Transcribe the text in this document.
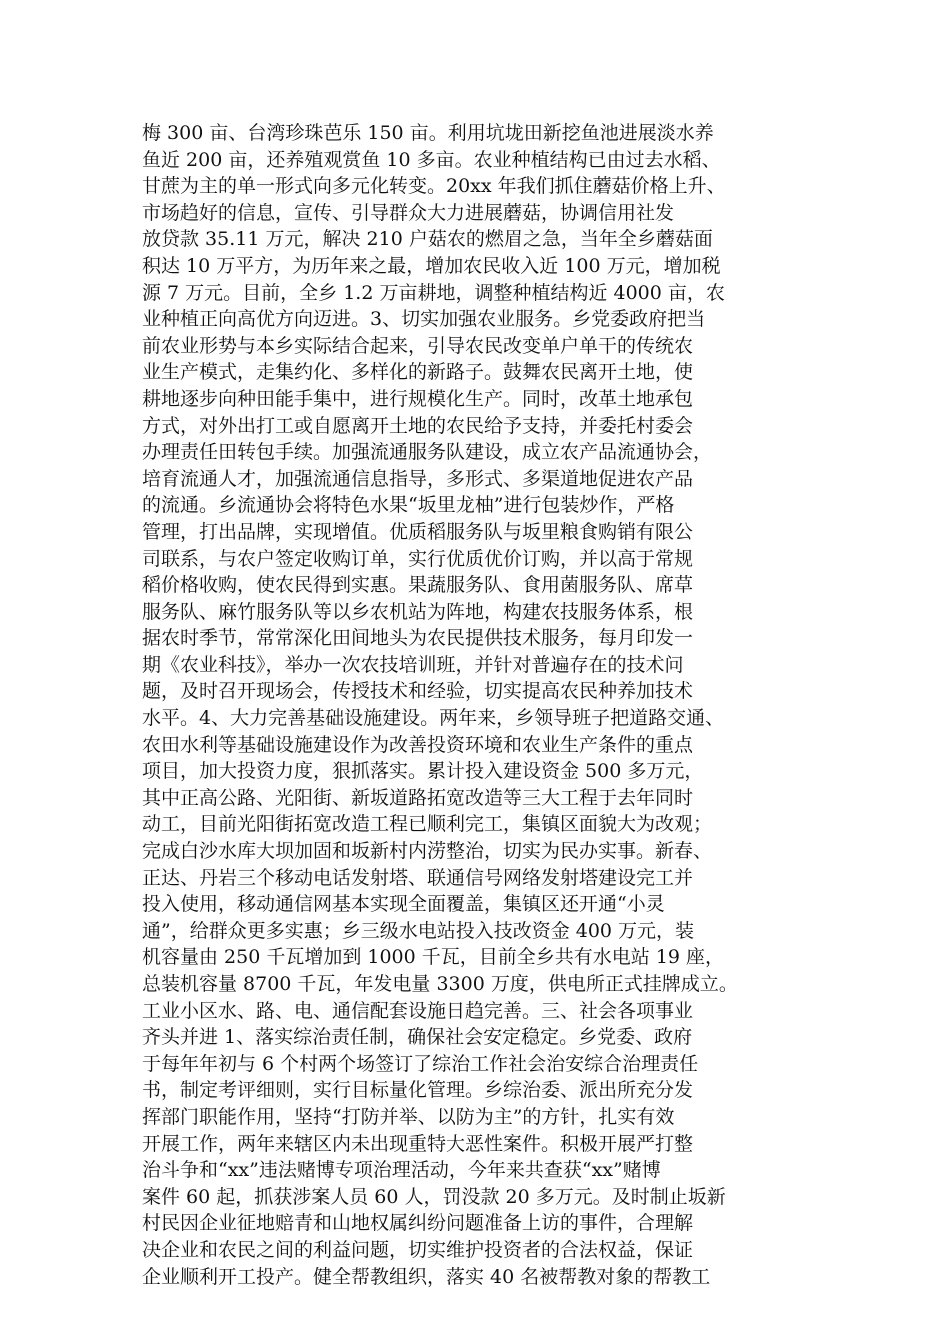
梅 300 亩、台湾珍珠芭乐 150 亩。利用坑垅田新挖鱼池进展淡水养
鱼近 200 亩，还养殖观赏鱼 10 多亩。农业种植结构已由过去水稻、
甘蔗为主的单一形式向多元化转变。20xx 年我们抓住蘑菇价格上升、
市场趋好的信息，宣传、引导群众大力进展蘑菇，协调信用社发
放贷款 35.11 万元，解决 210 户菇农的燃眉之急，当年全乡蘑菇面
积达 10 万平方，为历年来之最，增加农民收入近 100 万元，增加税
源 7 万元。目前，全乡 1.2 万亩耕地，调整种植结构近 4000 亩，农
业种植正向高优方向迈进。3、切实加强农业服务。乡党委政府把当
前农业形势与本乡实际结合起来，引导农民改变单户单干的传统农
业生产模式，走集约化、多样化的新路子。鼓舞农民离开土地，使
耕地逐步向种田能手集中，进行规模化生产。同时，改革土地承包
方式，对外出打工或自愿离开土地的农民给予支持，并委托村委会
办理责任田转包手续。加强流通服务队建设，成立农产品流通协会，
培育流通人才，加强流通信息指导，多形式、多渠道地促进农产品
的流通。乡流通协会将特色水果“坂里龙柚”进行包装炒作，严格
管理，打出品牌，实现增值。优质稻服务队与坂里粮食购销有限公
司联系，与农户签定收购订单，实行优质优价订购，并以高于常规
稻价格收购，使农民得到实惠。果蔬服务队、食用菌服务队、席草
服务队、麻竹服务队等以乡农机站为阵地，构建农技服务体系，根
据农时季节，常常深化田间地头为农民提供技术服务，每月印发一
期《农业科技》，举办一次农技培训班，并针对普遍存在的技术问
题，及时召开现场会，传授技术和经验，切实提高农民种养加技术
水平。4、大力完善基础设施建设。两年来，乡领导班子把道路交通、
农田水利等基础设施建设作为改善投资环境和农业生产条件的重点
项目，加大投资力度，狠抓落实。累计投入建设资金 500 多万元，
其中正高公路、光阳街、新坂道路拓宽改造等三大工程于去年同时
动工，目前光阳街拓宽改造工程已顺利完工，集镇区面貌大为改观；
完成白沙水库大坝加固和坂新村内涝整治，切实为民办实事。新春、
正达、丹岩三个移动电话发射塔、联通信号网络发射塔建设完工并
投入使用，移动通信网基本实现全面覆盖，集镇区还开通“小灵
通”，给群众更多实惠；乡三级水电站投入技改资金 400 万元，装
机容量由 250 千瓦增加到 1000 千瓦，目前全乡共有水电站 19 座，
总装机容量 8700 千瓦，年发电量 3300 万度，供电所正式挂牌成立。
工业小区水、路、电、通信配套设施日趋完善。三、社会各项事业
齐头并进 1、落实综治责任制，确保社会安定稳定。乡党委、政府
于每年年初与 6 个村两个场签订了综治工作社会治安综合治理责任
书，制定考评细则，实行目标量化管理。乡综治委、派出所充分发
挥部门职能作用，坚持“打防并举、以防为主”的方针，扎实有效
开展工作，两年来辖区内未出现重特大恶性案件。积极开展严打整
治斗争和“xx”违法赌博专项治理活动，今年来共查获“xx”赌博
案件 60 起，抓获涉案人员 60 人，罚没款 20 多万元。及时制止坂新
村民因企业征地赔青和山地权属纠纷问题准备上访的事件，合理解
决企业和农民之间的利益问题，切实维护投资者的合法权益，保证
企业顺利开工投产。健全帮教组织，落实 40 名被帮教对象的帮教工
